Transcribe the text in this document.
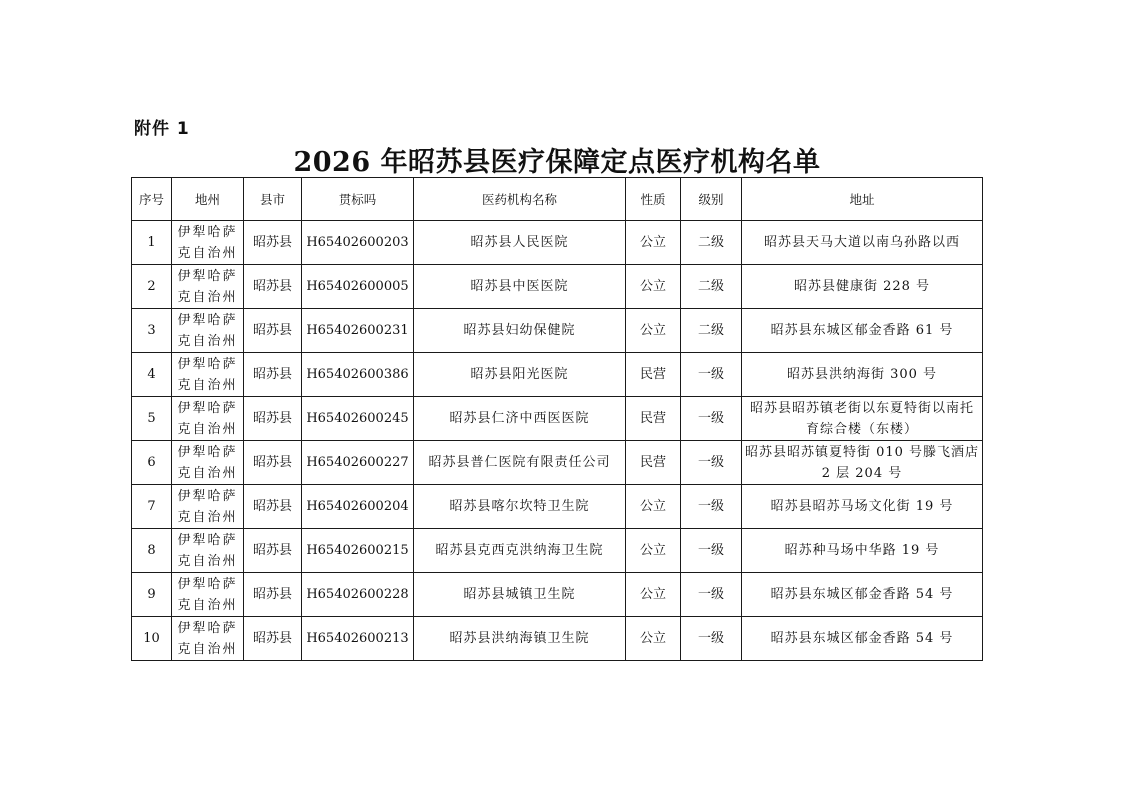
附件 1
2026 年昭苏县医疗保障定点医疗机构名单
序号	地州	县市	贯标吗	医药机构名称	性质	级别	地址
1	伊犁哈萨克自治州	昭苏县	H65402600203	昭苏县人民医院	公立	二级	昭苏县天马大道以南乌孙路以西
2	伊犁哈萨克自治州	昭苏县	H65402600005	昭苏县中医医院	公立	二级	昭苏县健康街 228 号
3	伊犁哈萨克自治州	昭苏县	H65402600231	昭苏县妇幼保健院	公立	二级	昭苏县东城区郁金香路 61 号
4	伊犁哈萨克自治州	昭苏县	H65402600386	昭苏县阳光医院	民营	一级	昭苏县洪纳海街 300 号
5	伊犁哈萨克自治州	昭苏县	H65402600245	昭苏县仁济中西医医院	民营	一级	昭苏县昭苏镇老街以东夏特街以南托育综合楼（东楼）
6	伊犁哈萨克自治州	昭苏县	H65402600227	昭苏县普仁医院有限责任公司	民营	一级	昭苏县昭苏镇夏特街 010 号滕飞酒店 2 层 204 号
7	伊犁哈萨克自治州	昭苏县	H65402600204	昭苏县喀尔坎特卫生院	公立	一级	昭苏县昭苏马场文化街 19 号
8	伊犁哈萨克自治州	昭苏县	H65402600215	昭苏县克西克洪纳海卫生院	公立	一级	昭苏种马场中华路 19 号
9	伊犁哈萨克自治州	昭苏县	H65402600228	昭苏县城镇卫生院	公立	一级	昭苏县东城区郁金香路 54 号
10	伊犁哈萨克自治州	昭苏县	H65402600213	昭苏县洪纳海镇卫生院	公立	一级	昭苏县东城区郁金香路 54 号
